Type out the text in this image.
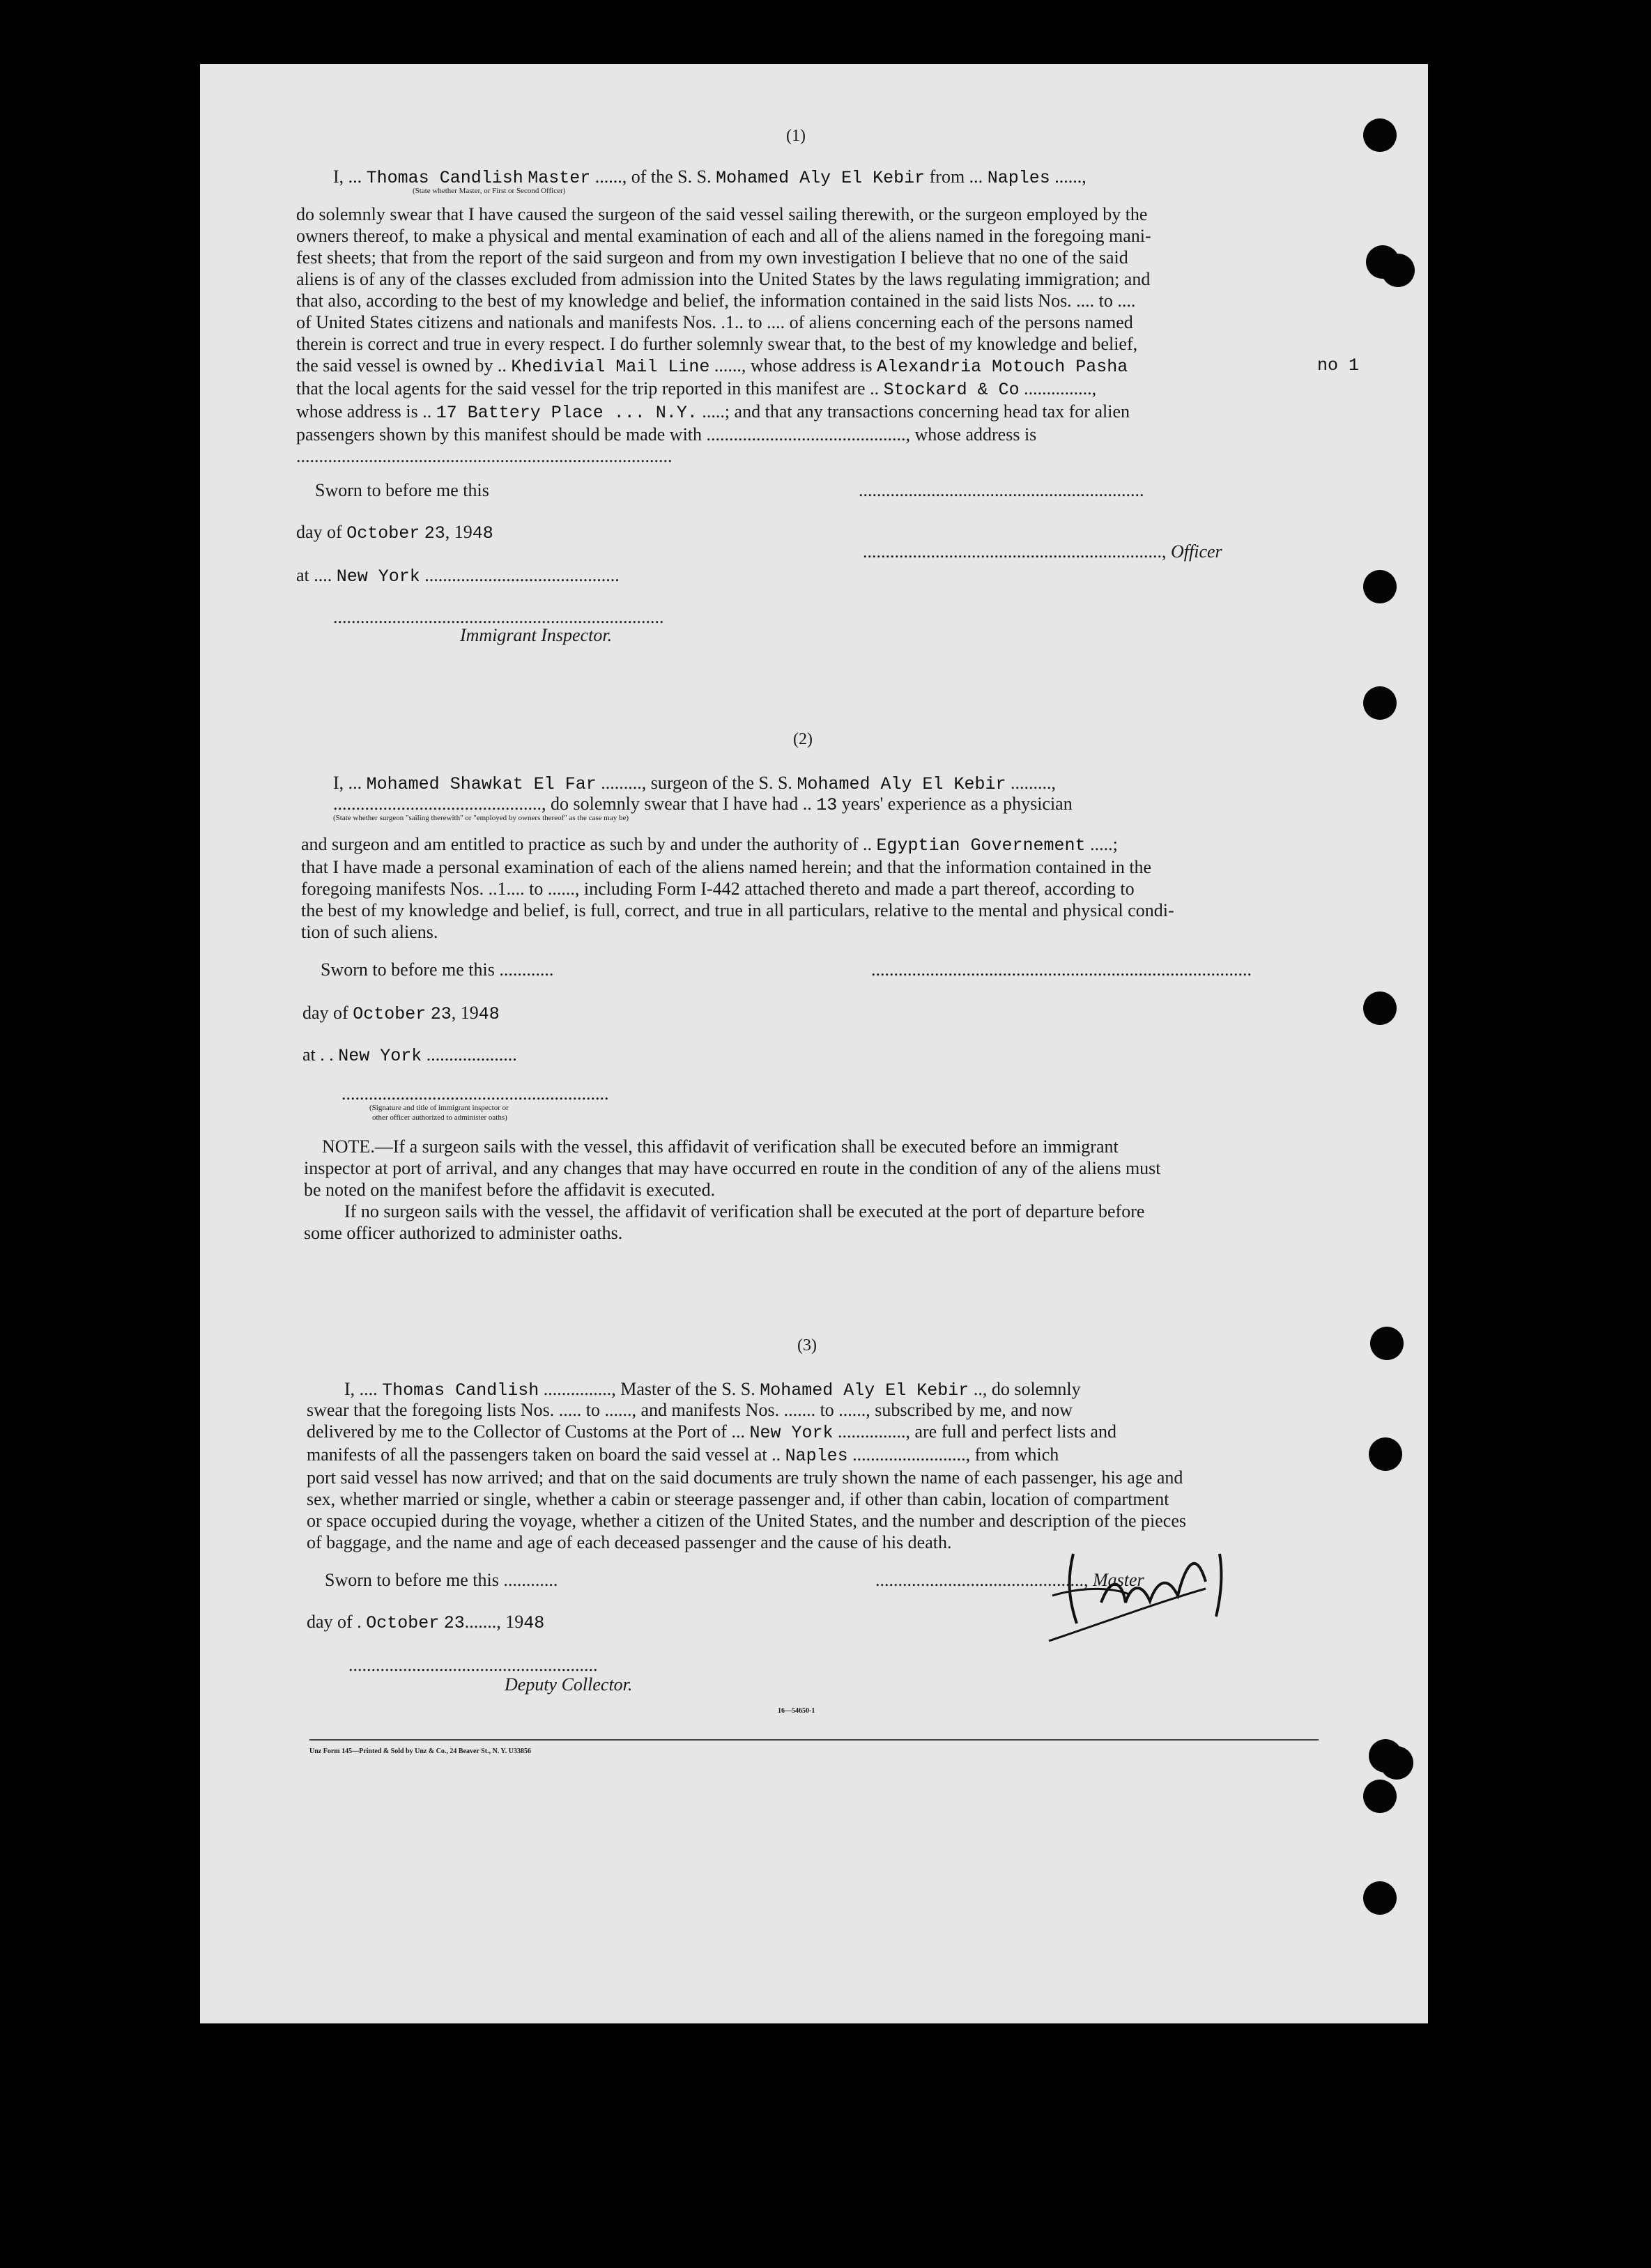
(1)
I, ... Thomas Candlish Master ......, of the S. S. Mohamed Aly El Kebir from ... Naples ......,
(State whether Master, or First or Second Officer)
do solemnly swear that I have caused the surgeon of the said vessel sailing therewith, or the surgeon employed by the
owners thereof, to make a physical and mental examination of each and all of the aliens named in the foregoing mani-
fest sheets; that from the report of the said surgeon and from my own investigation I believe that no one of the said
aliens is of any of the classes excluded from admission into the United States by the laws regulating immigration; and
that also, according to the best of my knowledge and belief, the information contained in the said lists Nos. .... to ....
of United States citizens and nationals and manifests Nos. .1.. to .... of aliens concerning each of the persons named
therein is correct and true in every respect. I do further solemnly swear that, to the best of my knowledge and belief,
the said vessel is owned by .. Khedivial Mail Line ......, whose address is Alexandria Motouch Pasha
that the local agents for the said vessel for the trip reported in this manifest are .. Stockard & Co ...............,
whose address is .. 17 Battery Place ... N.Y. .....; and that any transactions concerning head tax for alien
passengers shown by this manifest should be made with ............................................, whose address is
...................................................................................
no 1
Sworn to before me this	...............................................................
day of October 23, 1948
.................................................................., Officer
at .... New York ...........................................
.........................................................................
Immigrant Inspector.
(2)
I, ... Mohamed Shawkat El Far ........., surgeon of the S. S. Mohamed Aly El Kebir .........,
.............................................., do solemnly swear that I have had .. 13 years' experience as a physician
(State whether surgeon "sailing therewith" or "employed by owners thereof" as the case may be)
and surgeon and am entitled to practice as such by and under the authority of .. Egyptian Governement .....;
that I have made a personal examination of each of the aliens named herein; and that the information contained in the
foregoing manifests Nos. ..1.... to ......, including Form I-442 attached thereto and made a part thereof, according to
the best of my knowledge and belief, is full, correct, and true in all particulars, relative to the mental and physical condi-
tion of such aliens.
Sworn to before me this ............	....................................................................................
day of October 23, 1948
at . . New York ....................
...........................................................
(Signature and title of immigrant inspector or
other officer authorized to administer oaths)
NOTE.—If a surgeon sails with the vessel, this affidavit of verification shall be executed before an immigrant
inspector at port of arrival, and any changes that may have occurred en route in the condition of any of the aliens must
be noted on the manifest before the affidavit is executed.
If no surgeon sails with the vessel, the affidavit of verification shall be executed at the port of departure before
some officer authorized to administer oaths.
(3)
I, .... Thomas Candlish ..............., Master of the S. S. Mohamed Aly El Kebir .., do solemnly
swear that the foregoing lists Nos. ..... to ......, and manifests Nos. ....... to ......, subscribed by me, and now
delivered by me to the Collector of Customs at the Port of ... New York ..............., are full and perfect lists and
manifests of all the passengers taken on board the said vessel at .. Naples ........................., from which
port said vessel has now arrived; and that on the said documents are truly shown the name of each passenger, his age and
sex, whether married or single, whether a cabin or steerage passenger and, if other than cabin, location of compartment
or space occupied during the voyage, whether a citizen of the United States, and the number and description of the pieces
of baggage, and the name and age of each deceased passenger and the cause of his death.
Sworn to before me this ............	.............................................., Master
day of . October 23......., 1948
.......................................................
Deputy Collector.
16—54650-1
Unz Form 145—Printed & Sold by Unz & Co., 24 Beaver St., N. Y. U33856
